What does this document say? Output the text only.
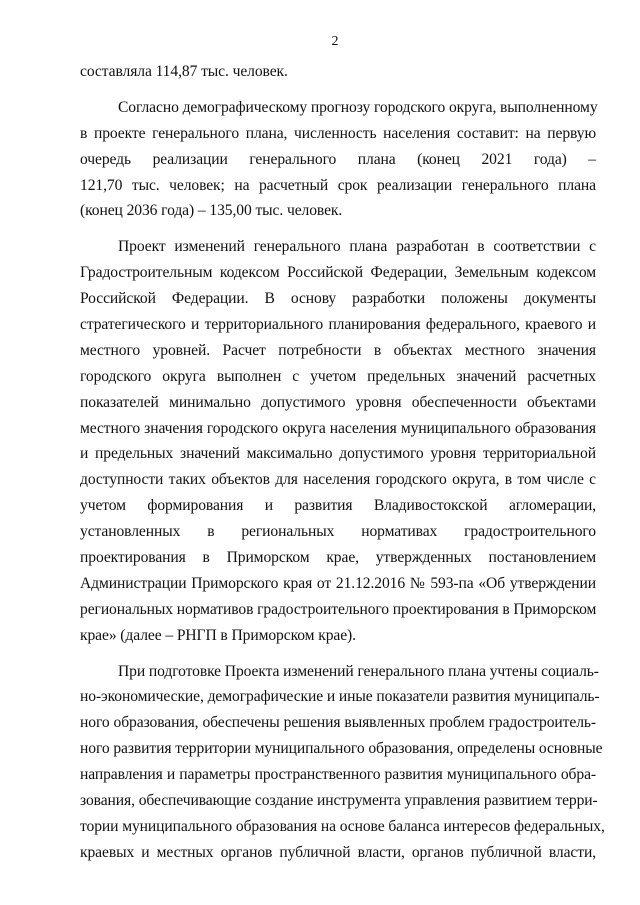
2
составляла 114,87 тыс. человек.
Согласно демографическому прогнозу городского округа, выполненному
в проекте генерального плана, численность населения составит: на первую
очередь реализации генерального плана (конец 2021 года) –
121,70 тыс. человек; на расчетный срок реализации генерального плана
(конец 2036 года) – 135,00 тыс. человек.
Проект изменений генерального плана разработан в соответствии с
Градостроительным кодексом Российской Федерации, Земельным кодексом
Российской Федерации. В основу разработки положены документы
стратегического и территориального планирования федерального, краевого и
местного уровней. Расчет потребности в объектах местного значения
городского округа выполнен с учетом предельных значений расчетных
показателей минимально допустимого уровня обеспеченности объектами
местного значения городского округа населения муниципального образования
и предельных значений максимально допустимого уровня территориальной
доступности таких объектов для населения городского округа, в том числе с
учетом формирования и развития Владивостокской агломерации,
установленных в региональных нормативах градостроительного
проектирования в Приморском крае, утвержденных постановлением
Администрации Приморского края от 21.12.2016 № 593-па «Об утверждении
региональных нормативов градостроительного проектирования в Приморском
крае» (далее – РНГП в Приморском крае).
При подготовке Проекта изменений генерального плана учтены социаль-
но-экономические, демографические и иные показатели развития муниципаль-
ного образования, обеспечены решения выявленных проблем градостроитель-
ного развития территории муниципального образования, определены основные
направления и параметры пространственного развития муниципального обра-
зования, обеспечивающие создание инструмента управления развитием терри-
тории муниципального образования на основе баланса интересов федеральных,
краевых и местных органов публичной власти, органов публичной власти,
